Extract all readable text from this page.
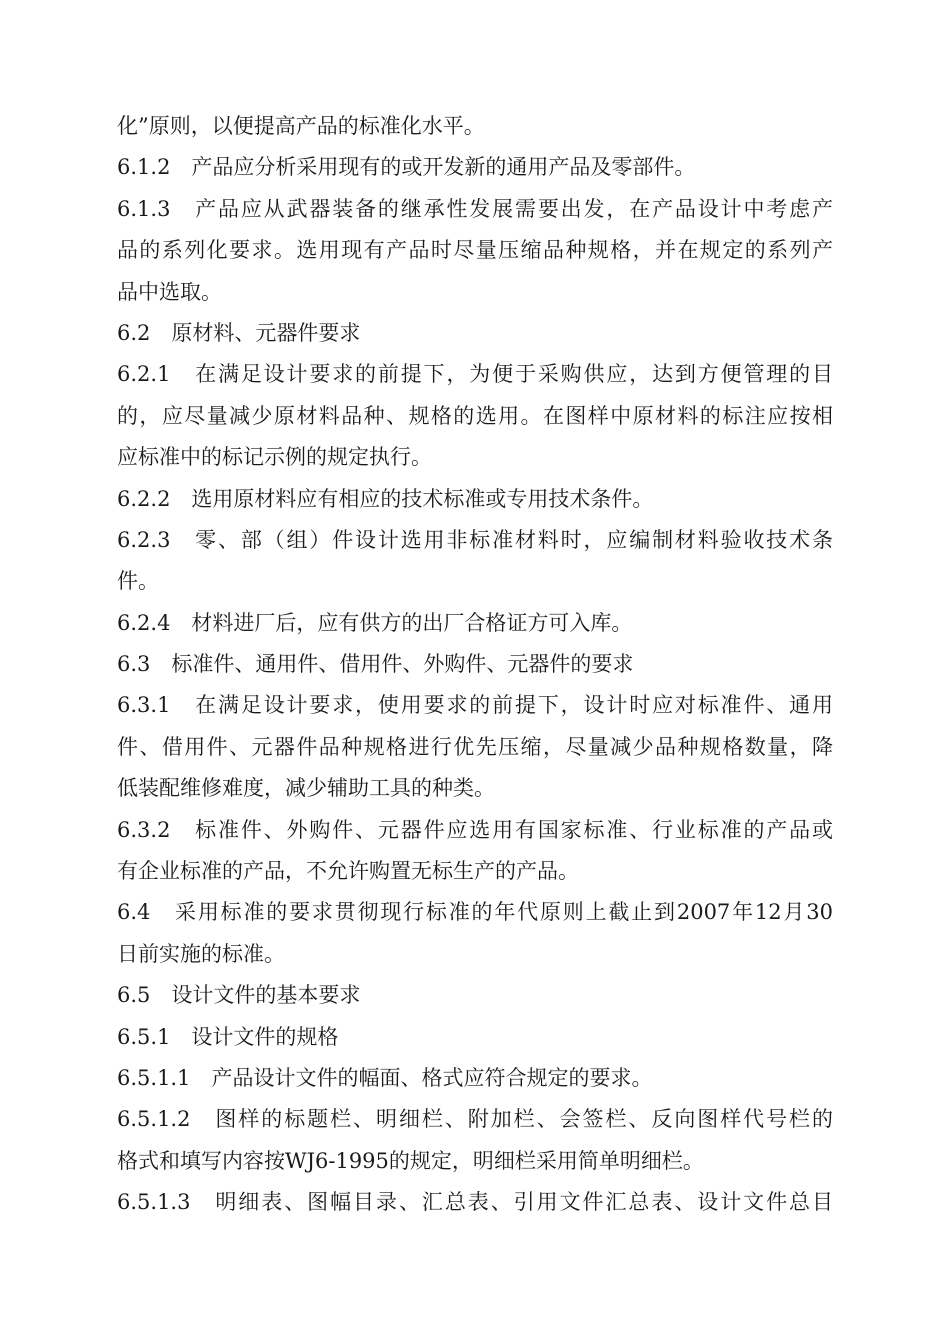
化”原则，以便提高产品的标准化水平。
6.1.2　产品应分析采用现有的或开发新的通用产品及零部件。
6.1.3　产品应从武器装备的继承性发展需要出发，在产品设计中考虑产
品的系列化要求。选用现有产品时尽量压缩品种规格，并在规定的系列产
品中选取。
6.2　原材料、元器件要求
6.2.1　在满足设计要求的前提下，为便于采购供应，达到方便管理的目
的，应尽量减少原材料品种、规格的选用。在图样中原材料的标注应按相
应标准中的标记示例的规定执行。
6.2.2　选用原材料应有相应的技术标准或专用技术条件。
6.2.3　零、部（组）件设计选用非标准材料时，应编制材料验收技术条
件。
6.2.4　材料进厂后，应有供方的出厂合格证方可入库。
6.3　标准件、通用件、借用件、外购件、元器件的要求
6.3.1　在满足设计要求，使用要求的前提下，设计时应对标准件、通用
件、借用件、元器件品种规格进行优先压缩，尽量减少品种规格数量，降
低装配维修难度，减少辅助工具的种类。
6.3.2　标准件、外购件、元器件应选用有国家标准、行业标准的产品或
有企业标准的产品，不允许购置无标生产的产品。
6.4　采用标准的要求贯彻现行标准的年代原则上截止到2007年12月30
日前实施的标准。
6.5　设计文件的基本要求
6.5.1　设计文件的规格
6.5.1.1　产品设计文件的幅面、格式应符合规定的要求。
6.5.1.2　图样的标题栏、明细栏、附加栏、会签栏、反向图样代号栏的
格式和填写内容按WJ6-1995的规定，明细栏采用简单明细栏。
6.5.1.3　明细表、图幅目录、汇总表、引用文件汇总表、设计文件总目
